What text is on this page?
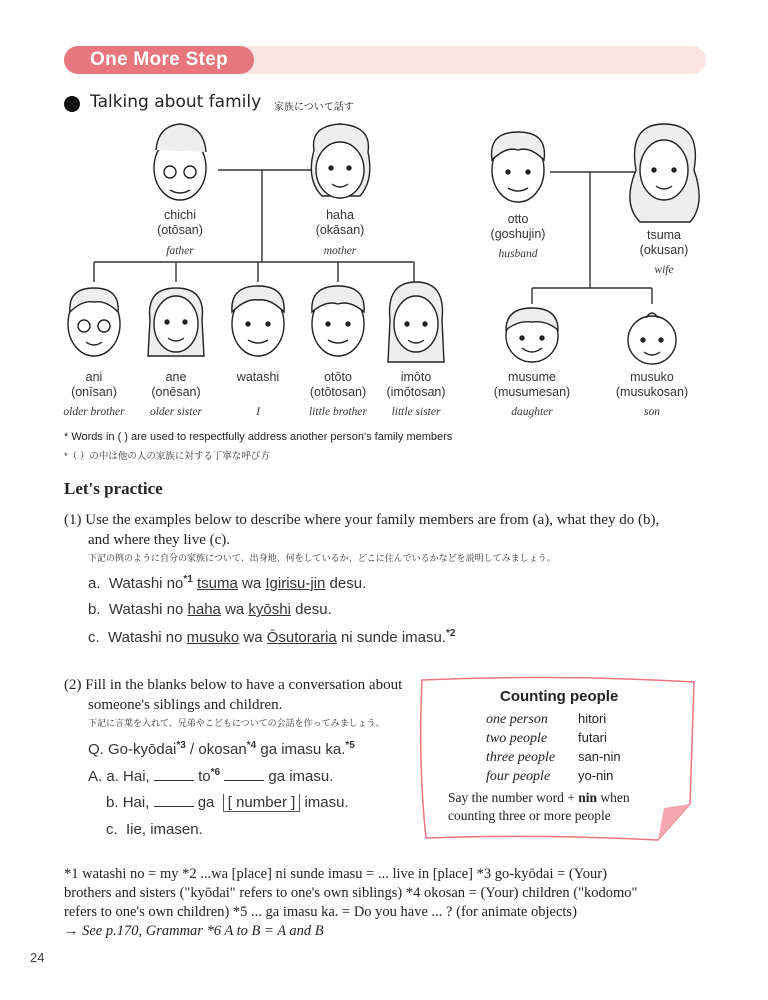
One More Step
Talking about family 家族について話す
chichi
(otōsan)
father
haha
(okāsan)
mother
otto
(goshujin)
husband
tsuma
(okusan)
wife
ani
(onīsan)
older brother
ane
(onēsan)
older sister
watashi
I
otōto
(otōtosan)
little brother
imōto
(imōtosan)
little sister
musume
(musumesan)
daughter
musuko
(musukosan)
son
* Words in ( ) are used to respectfully address another person's family members
*（ ）の中は他の人の家族に対する丁寧な呼び方
Let's practice
(1) Use the examples below to describe where your family members are from (a), what they do (b),
and where they live (c).
下記の例のように自分の家族について、出身地、何をしているか、どこに住んでいるかなどを説明してみましょう。
a. Watashi $no^{*1}$ tsuma wa Igirisu-jin desu.
b. Watashi no haha wa kyōshi desu.
c. Watashi no musuko wa Ōsutoraria ni sunde imasu.$^{*2}$
(2) Fill in the blanks below to have a conversation about
someone's siblings and children.
下記に言葉を入れて、兄弟やこどもについての会話を作ってみましょう。
Q. Go-kyōdai$^{*3}$ / okosan$^{*4}$ ga imasu ka.$^{*5}$
A. a. Hai,	$to^{*6}$	ga imasu.
b. Hai,	ga [ number ] imasu.
c. Iie, imasen.
Counting people
one person hitori
two people futari
three people san-nin
four people yo-nin
Say the number word + nin when
counting three or more people
*1 watashi no = my *2 ...wa [place] ni sunde imasu = ... live in [place] *3 go-kyōdai = (Your)
brothers and sisters ("kyōdai" refers to one's own siblings) *4 okosan = (Your) children ("kodomo"
refers to one's own children) *5 ... ga imasu ka. = Do you have ... ? (for animate objects)
→ See p.170, Grammar *6 A to B = A and B
24
